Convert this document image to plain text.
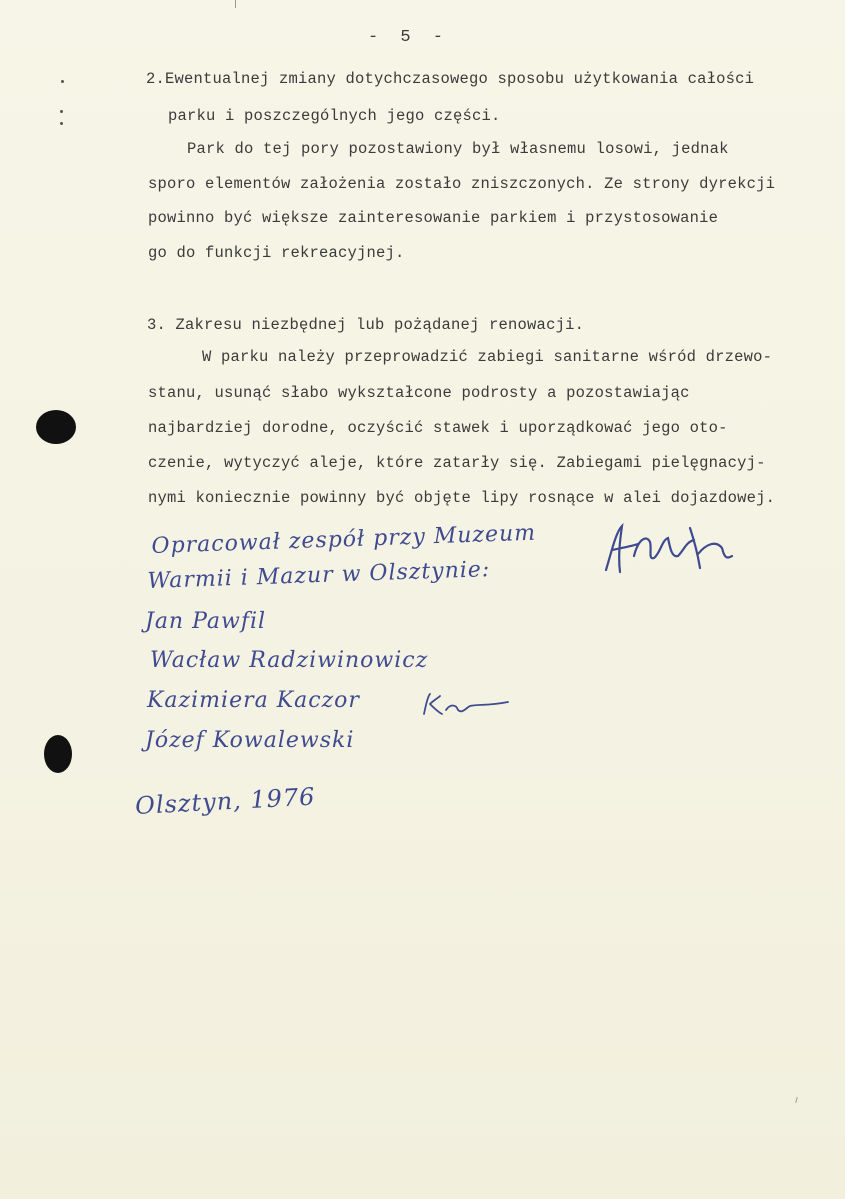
- 5 -
2.Ewentualnej zmiany dotychczasowego sposobu użytkowania całości
parku i poszczególnych jego części.
Park do tej pory pozostawiony był własnemu losowi, jednak
sporo elementów założenia zostało zniszczonych. Ze strony dyrekcji
powinno być większe zainteresowanie parkiem i przystosowanie
go do funkcji rekreacyjnej.
3. Zakresu niezbędnej lub pożądanej renowacji.
W parku należy przeprowadzić zabiegi sanitarne wśród drzewo-
stanu, usunąć słabo wykształcone podrosty a pozostawiając
najbardziej dorodne, oczyścić stawek i uporządkować jego oto-
czenie, wytyczyć aleje, które zatarły się. Zabiegami pielęgnacyj-
nymi koniecznie powinny być objęte lipy rosnące w alei dojazdowej.
Opracował zespół przy Muzeum
Warmii i Mazur w Olsztynie:
Jan Pawfil
Wacław Radziwinowicz
Kazimiera Kaczor
Józef Kowalewski
Olsztyn, 1976
